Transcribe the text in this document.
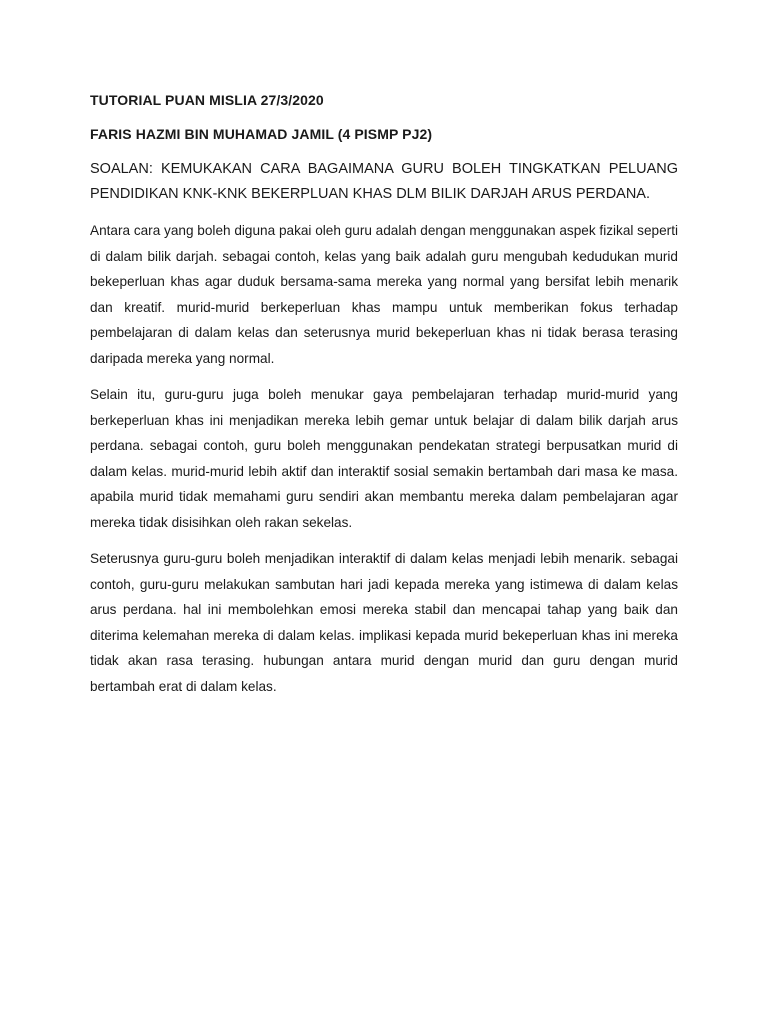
TUTORIAL PUAN MISLIA 27/3/2020
FARIS HAZMI BIN MUHAMAD JAMIL (4 PISMP PJ2)
SOALAN: KEMUKAKAN CARA BAGAIMANA GURU BOLEH TINGKATKAN PELUANG PENDIDIKAN KNK-KNK BEKERPLUAN KHAS DLM BILIK DARJAH ARUS PERDANA.
Antara cara yang boleh diguna pakai oleh guru adalah dengan menggunakan aspek fizikal seperti di dalam bilik darjah. sebagai contoh, kelas yang baik adalah guru mengubah kedudukan murid bekeperluan khas agar duduk bersama-sama mereka yang normal yang bersifat lebih menarik dan kreatif. murid-murid berkeperluan khas mampu untuk memberikan fokus terhadap pembelajaran di dalam kelas dan seterusnya murid bekeperluan khas ni tidak berasa terasing daripada mereka yang normal.
Selain itu, guru-guru juga boleh menukar gaya pembelajaran terhadap murid-murid yang berkeperluan khas ini menjadikan mereka lebih gemar untuk belajar di dalam bilik darjah arus perdana. sebagai contoh, guru boleh menggunakan pendekatan strategi berpusatkan murid di dalam kelas. murid-murid lebih aktif dan interaktif sosial semakin bertambah dari masa ke masa. apabila murid tidak memahami guru sendiri akan membantu mereka dalam pembelajaran agar mereka tidak disisihkan oleh rakan sekelas.
Seterusnya guru-guru boleh menjadikan interaktif di dalam kelas menjadi lebih menarik. sebagai contoh, guru-guru melakukan sambutan hari jadi kepada mereka yang istimewa di dalam kelas arus perdana. hal ini membolehkan emosi mereka stabil dan mencapai tahap yang baik dan diterima kelemahan mereka di dalam kelas. implikasi kepada murid bekeperluan khas ini mereka tidak akan rasa terasing. hubungan antara murid dengan murid dan guru dengan murid bertambah erat di dalam kelas.
